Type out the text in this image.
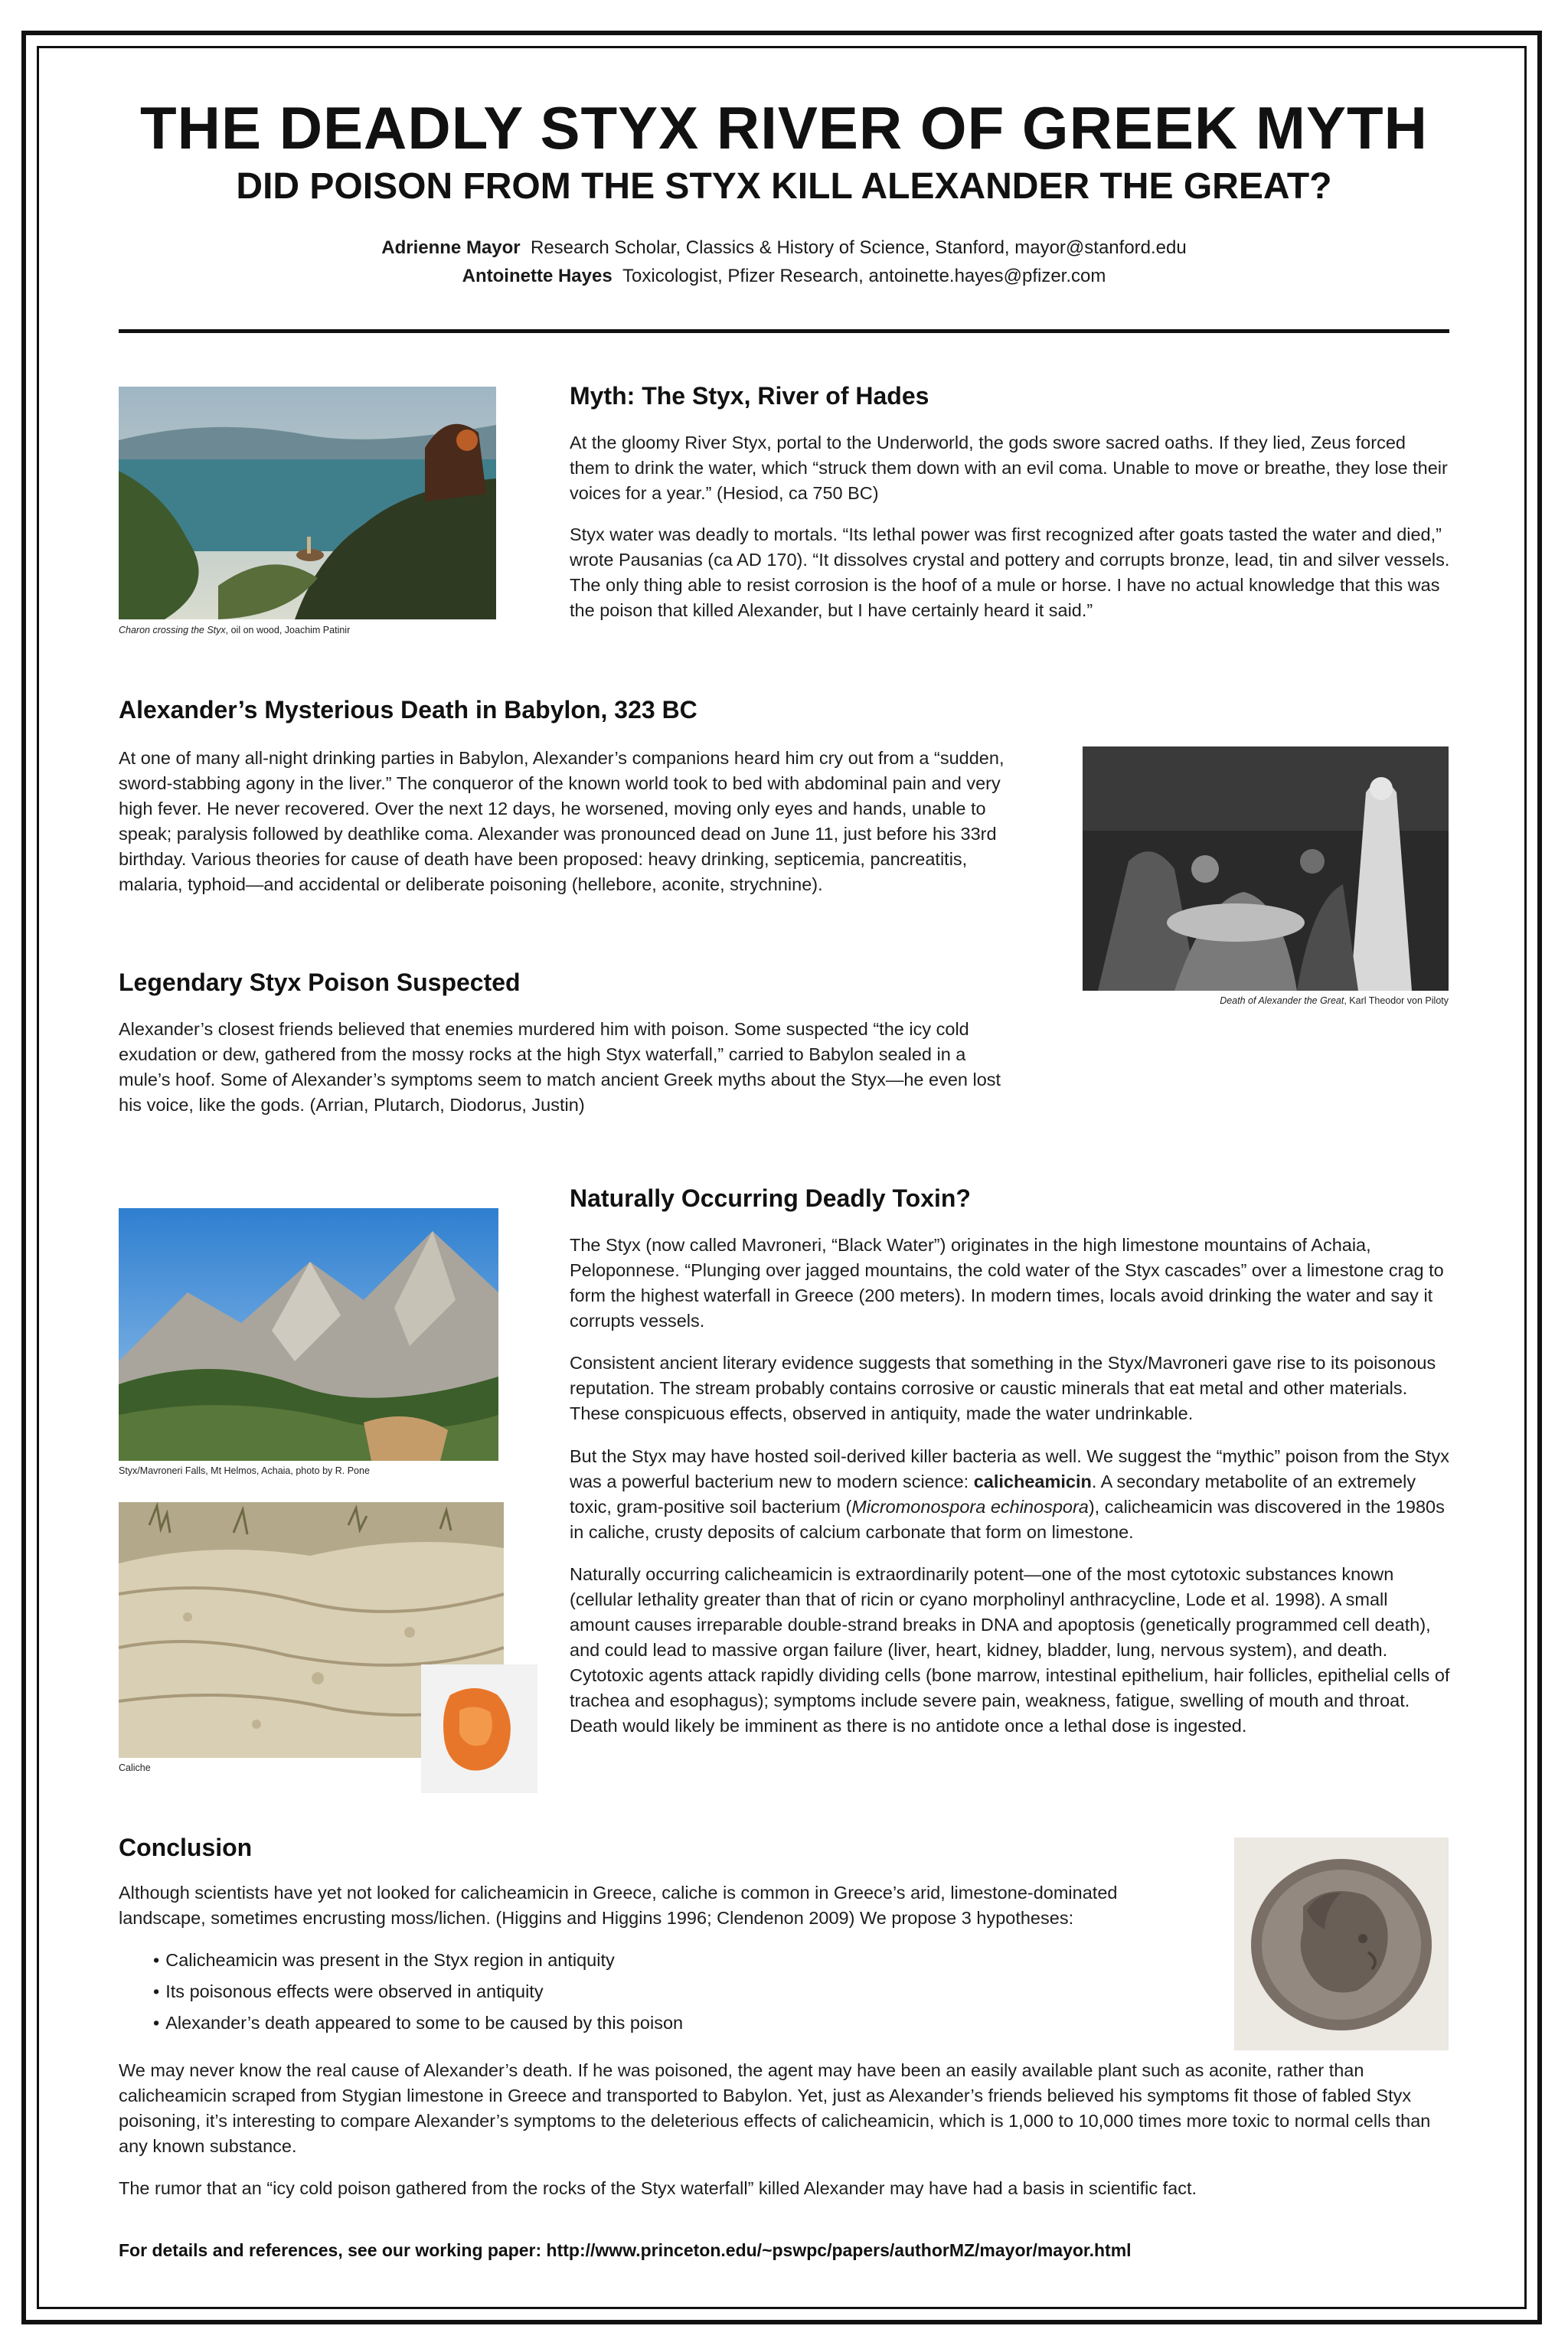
THE DEADLY STYX RIVER OF GREEK MYTH
DID POISON FROM THE STYX KILL ALEXANDER THE GREAT?
Adrienne Mayor Research Scholar, Classics & History of Science, Stanford, mayor@stanford.edu
Antoinette Hayes Toxicologist, Pfizer Research, antoinette.hayes@pfizer.com
Charon crossing the Styx, oil on wood, Joachim Patinir
Myth: The Styx, River of Hades

At the gloomy River Styx, portal to the Underworld, the gods swore sacred oaths. If they lied, Zeus forced them to drink the water, which “struck them down with an evil coma. Unable to move or breathe, they lose their voices for a year.” (Hesiod, ca 750 BC)

Styx water was deadly to mortals. “Its lethal power was first recognized after goats tasted the water and died,” wrote Pausanias (ca AD 170). “It dissolves crystal and pottery and corrupts bronze, lead, tin and silver vessels. The only thing able to resist corrosion is the hoof of a mule or horse. I have no actual knowledge that this was the poison that killed Alexander, but I have certainly heard it said.”

Alexander’s Mysterious Death in Babylon, 323 BC

At one of many all-night drinking parties in Babylon, Alexander’s companions heard him cry out from a “sudden, sword-stabbing agony in the liver.” The conqueror of the known world took to bed with abdominal pain and very high fever. He never recovered. Over the next 12 days, he worsened, moving only eyes and hands, unable to speak; paralysis followed by deathlike coma. Alexander was pronounced dead on June 11, just before his 33rd birthday. Various theories for cause of death have been proposed: heavy drinking, septicemia, pancreatitis, malaria, typhoid—and accidental or deliberate poisoning (hellebore, aconite, strychnine).

Death of Alexander the Great, Karl Theodor von Piloty
Legendary Styx Poison Suspected

Alexander’s closest friends believed that enemies murdered him with poison. Some suspected “the icy cold exudation or dew, gathered from the mossy rocks at the high Styx waterfall,” carried to Babylon sealed in a mule’s hoof. Some of Alexander’s symptoms seem to match ancient Greek myths about the Styx—he even lost his voice, like the gods. (Arrian, Plutarch, Diodorus, Justin)

Styx/Mavroneri Falls, Mt Helmos, Achaia, photo by R. Pone
Caliche
Naturally Occurring Deadly Toxin?

The Styx (now called Mavroneri, “Black Water”) originates in the high limestone mountains of Achaia, Peloponnese. “Plunging over jagged mountains, the cold water of the Styx cascades” over a limestone crag to form the highest waterfall in Greece (200 meters). In modern times, locals avoid drinking the water and say it corrupts vessels.

Consistent ancient literary evidence suggests that something in the Styx/Mavroneri gave rise to its poisonous reputation. The stream probably contains corrosive or caustic minerals that eat metal and other materials. These conspicuous effects, observed in antiquity, made the water undrinkable.

But the Styx may have hosted soil-derived killer bacteria as well. We suggest the “mythic” poison from the Styx was a powerful bacterium new to modern science: calicheamicin. A secondary metabolite of an extremely toxic, gram-positive soil bacterium (Micromonospora echinospora), calicheamicin was discovered in the 1980s in caliche, crusty deposits of calcium carbonate that form on limestone.

Naturally occurring calicheamicin is extraordinarily potent—one of the most cytotoxic substances known (cellular lethality greater than that of ricin or cyano morpholinyl anthracycline, Lode et al. 1998). A small amount causes irreparable double-strand breaks in DNA and apoptosis (genetically programmed cell death), and could lead to massive organ failure (liver, heart, kidney, bladder, lung, nervous system), and death. Cytotoxic agents attack rapidly dividing cells (bone marrow, intestinal epithelium, hair follicles, epithelial cells of trachea and esophagus); symptoms include severe pain, weakness, fatigue, swelling of mouth and throat. Death would likely be imminent as there is no antidote once a lethal dose is ingested.

Conclusion

Although scientists have yet not looked for calicheamicin in Greece, caliche is common in Greece’s arid, limestone-dominated landscape, sometimes encrusting moss/lichen. (Higgins and Higgins 1996; Clendenon 2009) We propose 3 hypotheses:

• Calicheamicin was present in the Styx region in antiquity
• Its poisonous effects were observed in antiquity
• Alexander’s death appeared to some to be caused by this poison

We may never know the real cause of Alexander’s death. If he was poisoned, the agent may have been an easily available plant such as aconite, rather than calicheamicin scraped from Stygian limestone in Greece and transported to Babylon. Yet, just as Alexander’s friends believed his symptoms fit those of fabled Styx poisoning, it’s interesting to compare Alexander’s symptoms to the deleterious effects of calicheamicin, which is 1,000 to 10,000 times more toxic to normal cells than any known substance.

The rumor that an “icy cold poison gathered from the rocks of the Styx waterfall” killed Alexander may have had a basis in scientific fact.

For details and references, see our working paper: http://www.princeton.edu/~pswpc/papers/authorMZ/mayor/mayor.html
